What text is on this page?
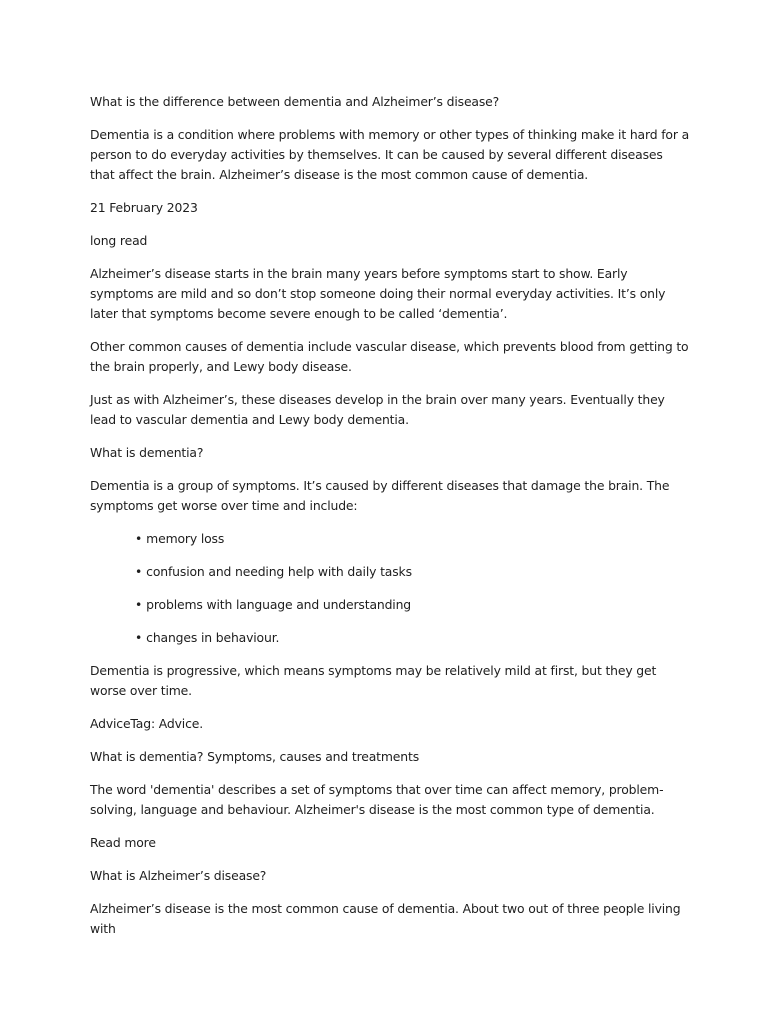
What is the difference between dementia and Alzheimer’s disease?

Dementia is a condition where problems with memory or other types of thinking make it hard for a person to do everyday activities by themselves. It can be caused by several different diseases that affect the brain. Alzheimer’s disease is the most common cause of dementia.

21 February 2023

long read

Alzheimer’s disease starts in the brain many years before symptoms start to show. Early symptoms are mild and so don’t stop someone doing their normal everyday activities. It’s only later that symptoms become severe enough to be called ‘dementia’.

Other common causes of dementia include vascular disease, which prevents blood from getting to the brain properly, and Lewy body disease.

Just as with Alzheimer’s, these diseases develop in the brain over many years. Eventually they lead to vascular dementia and Lewy body dementia.

What is dementia?

Dementia is a group of symptoms. It’s caused by different diseases that damage the brain. The symptoms get worse over time and include:

• memory loss
• confusion and needing help with daily tasks
• problems with language and understanding
• changes in behaviour.

Dementia is progressive, which means symptoms may be relatively mild at first, but they get worse over time.

AdviceTag: Advice.

What is dementia? Symptoms, causes and treatments

The word 'dementia' describes a set of symptoms that over time can affect memory, problem-solving, language and behaviour. Alzheimer's disease is the most common type of dementia.

Read more

What is Alzheimer’s disease?

Alzheimer’s disease is the most common cause of dementia. About two out of three people living with
